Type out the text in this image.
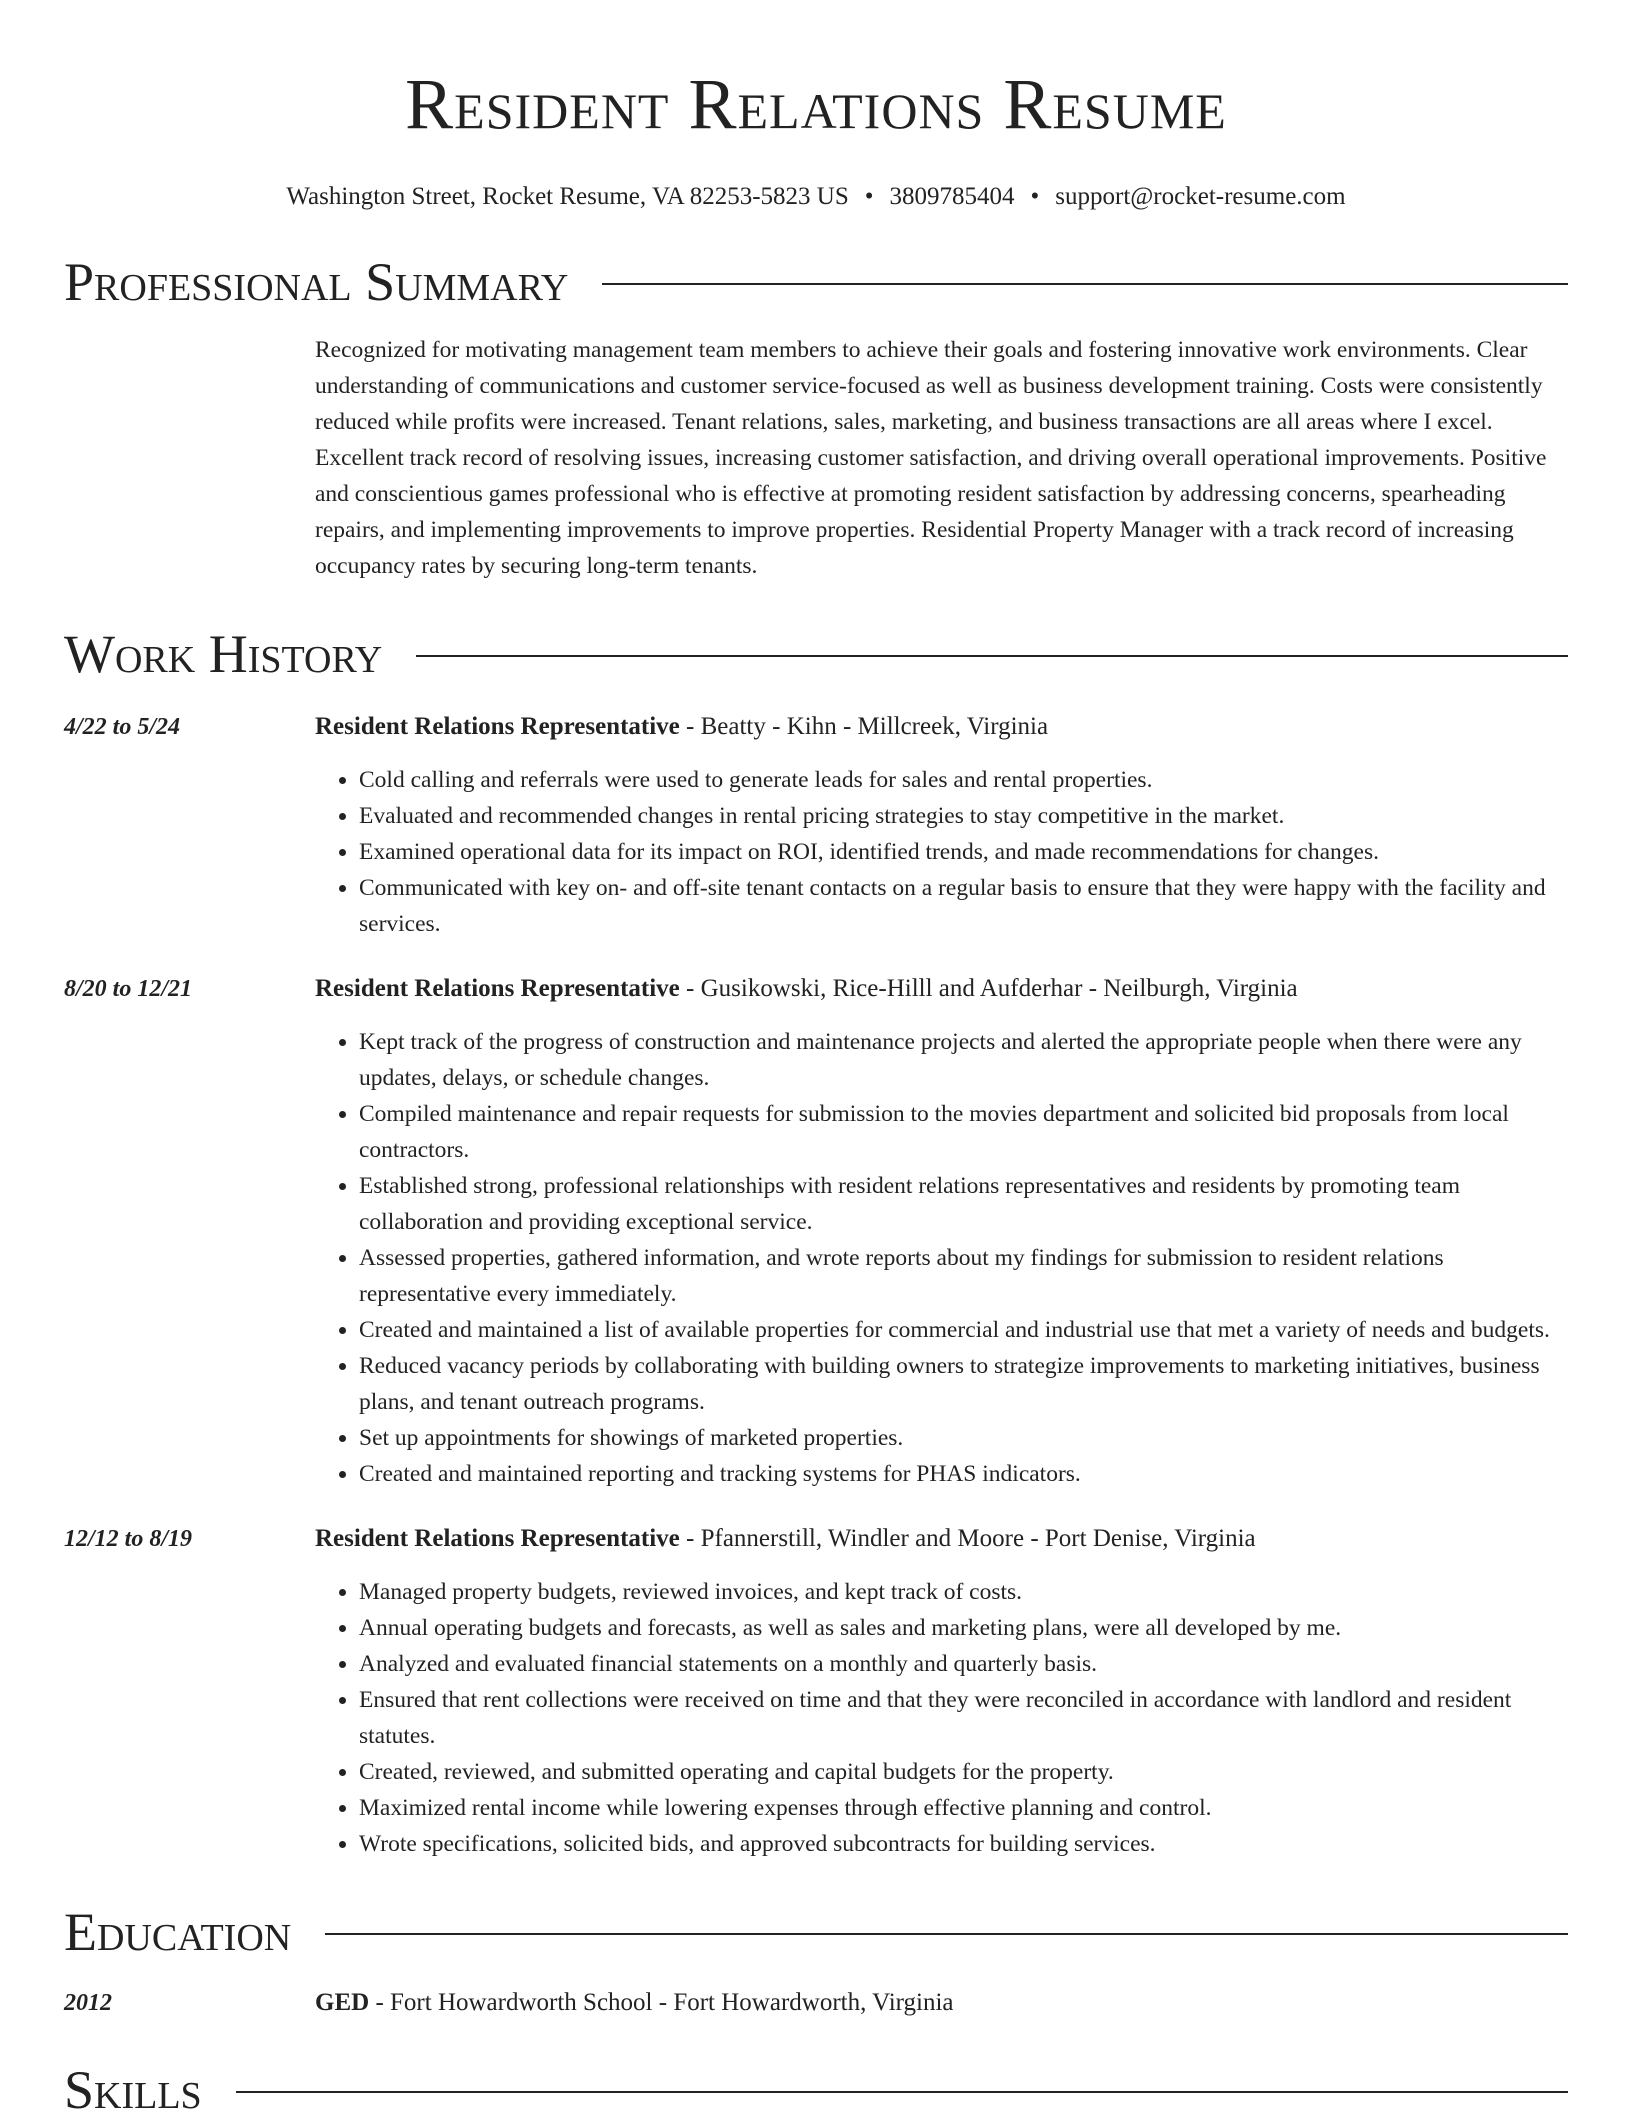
Resident Relations Resume
Washington Street, Rocket Resume, VA 82253-5823 US • 3809785404 • support@rocket-resume.com
Professional Summary
Recognized for motivating management team members to achieve their goals and fostering innovative work environments. Clear understanding of communications and customer service-focused as well as business development training. Costs were consistently reduced while profits were increased. Tenant relations, sales, marketing, and business transactions are all areas where I excel. Excellent track record of resolving issues, increasing customer satisfaction, and driving overall operational improvements. Positive and conscientious games professional who is effective at promoting resident satisfaction by addressing concerns, spearheading repairs, and implementing improvements to improve properties. Residential Property Manager with a track record of increasing occupancy rates by securing long-term tenants.
Work History
4/22 to 5/24	Resident Relations Representative - Beatty - Kihn - Millcreek, Virginia
• Cold calling and referrals were used to generate leads for sales and rental properties.
• Evaluated and recommended changes in rental pricing strategies to stay competitive in the market.
• Examined operational data for its impact on ROI, identified trends, and made recommendations for changes.
• Communicated with key on- and off-site tenant contacts on a regular basis to ensure that they were happy with the facility and services.
8/20 to 12/21	Resident Relations Representative - Gusikowski, Rice-Hilll and Aufderhar - Neilburgh, Virginia
• Kept track of the progress of construction and maintenance projects and alerted the appropriate people when there were any updates, delays, or schedule changes.
• Compiled maintenance and repair requests for submission to the movies department and solicited bid proposals from local contractors.
• Established strong, professional relationships with resident relations representatives and residents by promoting team collaboration and providing exceptional service.
• Assessed properties, gathered information, and wrote reports about my findings for submission to resident relations representative every immediately.
• Created and maintained a list of available properties for commercial and industrial use that met a variety of needs and budgets.
• Reduced vacancy periods by collaborating with building owners to strategize improvements to marketing initiatives, business plans, and tenant outreach programs.
• Set up appointments for showings of marketed properties.
• Created and maintained reporting and tracking systems for PHAS indicators.
12/12 to 8/19	Resident Relations Representative - Pfannerstill, Windler and Moore - Port Denise, Virginia
• Managed property budgets, reviewed invoices, and kept track of costs.
• Annual operating budgets and forecasts, as well as sales and marketing plans, were all developed by me.
• Analyzed and evaluated financial statements on a monthly and quarterly basis.
• Ensured that rent collections were received on time and that they were reconciled in accordance with landlord and resident statutes.
• Created, reviewed, and submitted operating and capital budgets for the property.
• Maximized rental income while lowering expenses through effective planning and control.
• Wrote specifications, solicited bids, and approved subcontracts for building services.
Education
2012	GED - Fort Howardworth School - Fort Howardworth, Virginia
Skills
